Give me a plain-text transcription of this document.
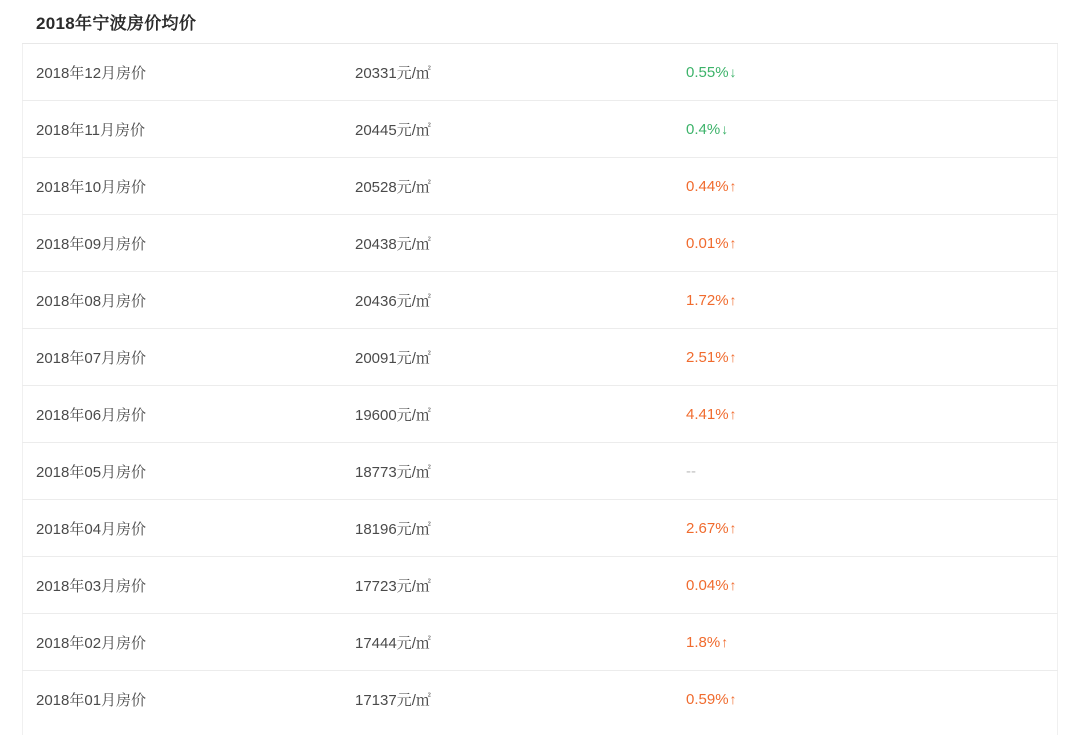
2018年宁波房价均价
2018年12月房价	20331元/㎡	0.55%↓
2018年11月房价	20445元/㎡	0.4%↓
2018年10月房价	20528元/㎡	0.44%↑
2018年09月房价	20438元/㎡	0.01%↑
2018年08月房价	20436元/㎡	1.72%↑
2018年07月房价	20091元/㎡	2.51%↑
2018年06月房价	19600元/㎡	4.41%↑
2018年05月房价	18773元/㎡	--
2018年04月房价	18196元/㎡	2.67%↑
2018年03月房价	17723元/㎡	0.04%↑
2018年02月房价	17444元/㎡	1.8%↑
2018年01月房价	17137元/㎡	0.59%↑
